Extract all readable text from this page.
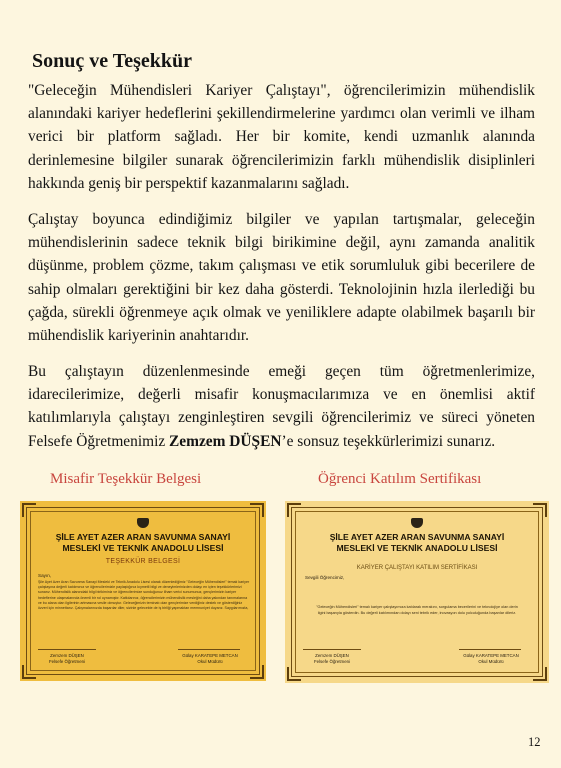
Sonuç ve Teşekkür

"Geleceğin Mühendisleri Kariyer Çalıştayı", öğrencilerimizin mühendislik alanındaki kariyer hedeflerini şekillendirmelerine yardımcı olan verimli ve ilham verici bir platform sağladı. Her bir komite, kendi uzmanlık alanında derinlemesine bilgiler sunarak öğrencilerimizin farklı mühendislik disiplinleri hakkında geniş bir perspektif kazanmalarını sağladı.

Çalıştay boyunca edindiğimiz bilgiler ve yapılan tartışmalar, geleceğin mühendislerinin sadece teknik bilgi birikimine değil, aynı zamanda analitik düşünme, problem çözme, takım çalışması ve etik sorumluluk gibi becerilere de sahip olmaları gerektiğini bir kez daha gösterdi. Teknolojinin hızla ilerlediği bu çağda, sürekli öğrenmeye açık olmak ve yeniliklere adapte olabilmek başarılı bir mühendislik kariyerinin anahtarıdır.

Bu çalıştayın düzenlenmesinde emeği geçen tüm öğretmenlerimize, idarecilerimize, değerli misafir konuşmacılarımıza ve en önemlisi aktif katılımlarıyla çalıştayı zenginleştiren sevgili öğrencilerimiz ve süreci yöneten Felsefe Öğretmenimiz Zemzem DÜŞEN’e sonsuz teşekkürlerimizi sunarız.

Misafir Teşekkür Belgesi	Öğrenci Katılım Sertifikası
ŞİLE AYET AZER ARAN SAVUNMA SANAYİ
MESLEKİ VE TEKNİK ANADOLU LİSESİ
TEŞEKKÜR BELGESİ
Sayın,
Şile Ayet Azer Aran Savunma Sanayi Mesleki ve Teknik Anadolu Lisesi olarak düzenlediğimiz "Geleceğin Mühendisleri" temalı kariyer çalıştayına değerli katılımınız ve öğrencilerimizle paylaştığınız kıymetli bilgi ve deneyimlerinizden dolayı en içten teşekkürlerimizi sunarız. Mühendislik alanındaki bilgi birikiminiz ve öğrencilerimize sunduğunuz ilham verici sunumunuz, gençlerimizin kariyer hedeflerine ulaşmalarında önemli bir rol oynamıştır. Katkılarınız, öğrencilerimizin mühendislik mesleğini daha yakından tanımalarına ve bu alana olan ilgilerinin artmasına vesile olmuştur. Geleceğimizin teminatı olan gençlerimize verdiğiniz destek ve gösterdiğiniz özveri için minnettarız. Çalışmalarınızda başarılar diler, sizinle gelecekte de iş birliği yapmaktan memnuniyet duyarız. Saygılarımızla,
Zemzem DÜŞEN
Felsefe Öğretmeni
Gülay KARATEPE METCAN
Okul Müdürü
ŞİLE AYET AZER ARAN SAVUNMA SANAYİ
MESLEKİ VE TEKNİK ANADOLU LİSESİ
KARİYER ÇALIŞTAYI KATILIM SERTİFİKASI
Sevgili Öğrencimiz,
"Geleceğin Mühendisleri" temalı kariyer çalıştayımıza katılarak merakını, sorgulama becerilerini ve teknolojiye olan derin ilgini başarıyla gösterdin. Bu değerli katılımından dolayı seni tebrik eder, inovasyon dolu yolculuğunda başarılar dileriz.
Zemzem DÜŞEN
Felsefe Öğretmeni
Gülay KARATEPE METCAN
Okul Müdürü
12
